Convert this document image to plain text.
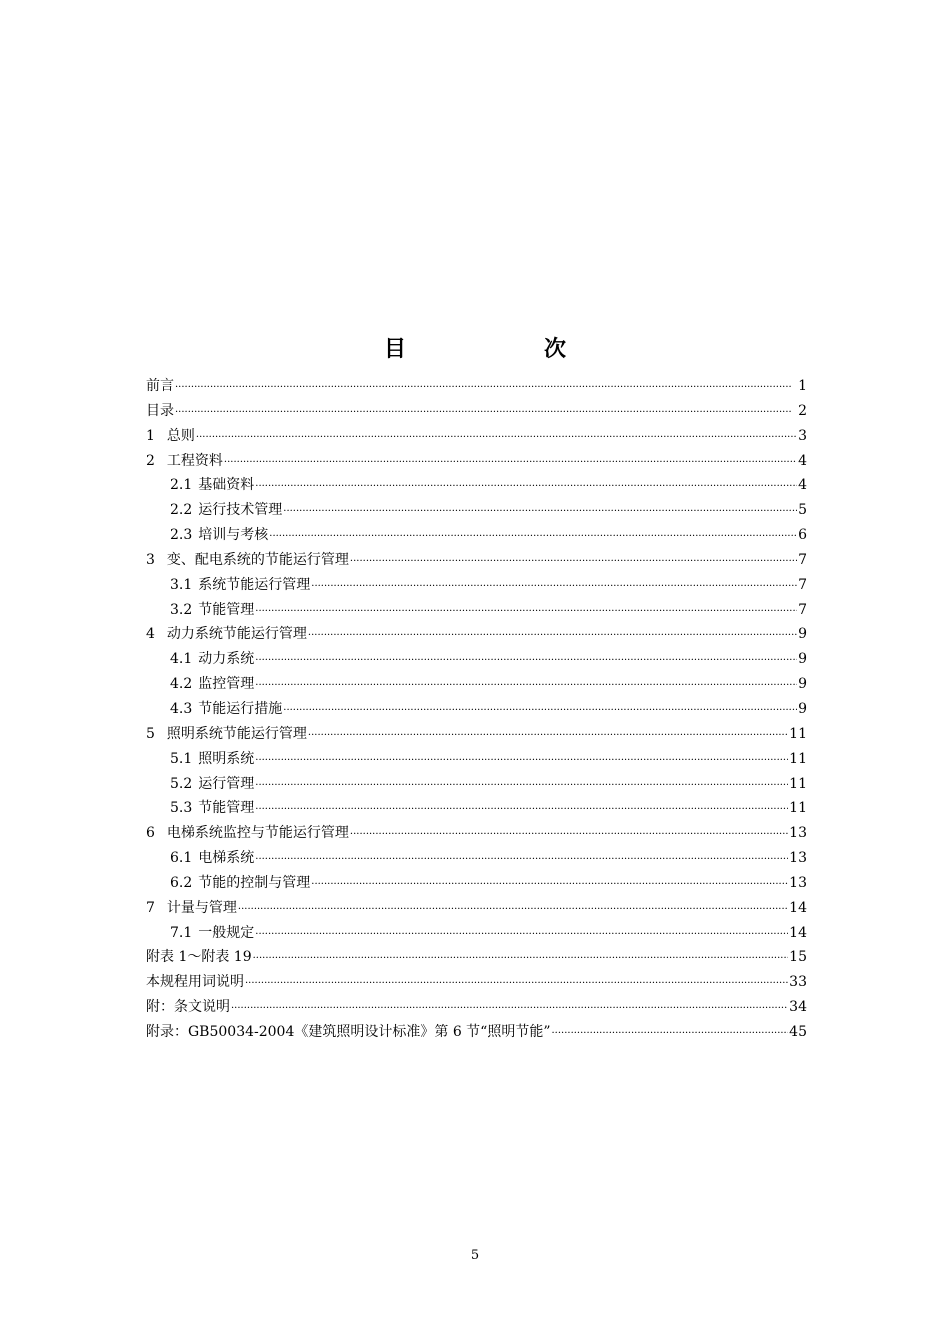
目　次
前言 ·····	1
目录 ·····	2
1 总则 ·····	3
2 工程资料 ·····	4
2.1 基础资料 ·····	4
2.2 运行技术管理 ·····	5
2.3 培训与考核 ·····	6
3 变、配电系统的节能运行管理 ·····	7
3.1 系统节能运行管理 ·····	7
3.2 节能管理 ·····	7
4 动力系统节能运行管理 ·····	9
4.1 动力系统 ·····	9
4.2 监控管理 ·····	9
4.3 节能运行措施 ·····	9
5 照明系统节能运行管理 ·····	11
5.1 照明系统 ·····	11
5.2 运行管理 ·····	11
5.3 节能管理 ·····	11
6 电梯系统监控与节能运行管理 ·····	13
6.1 电梯系统 ·····	13
6.2 节能的控制与管理 ·····	13
7 计量与管理 ·····	14
7.1 一般规定 ·····	14
附表 1～附表 19 ·····	15
本规程用词说明 ·····	33
附：条文说明 ·····	34
附录：GB50034-2004《建筑照明设计标准》第 6 节“照明节能” ·····	45
5
